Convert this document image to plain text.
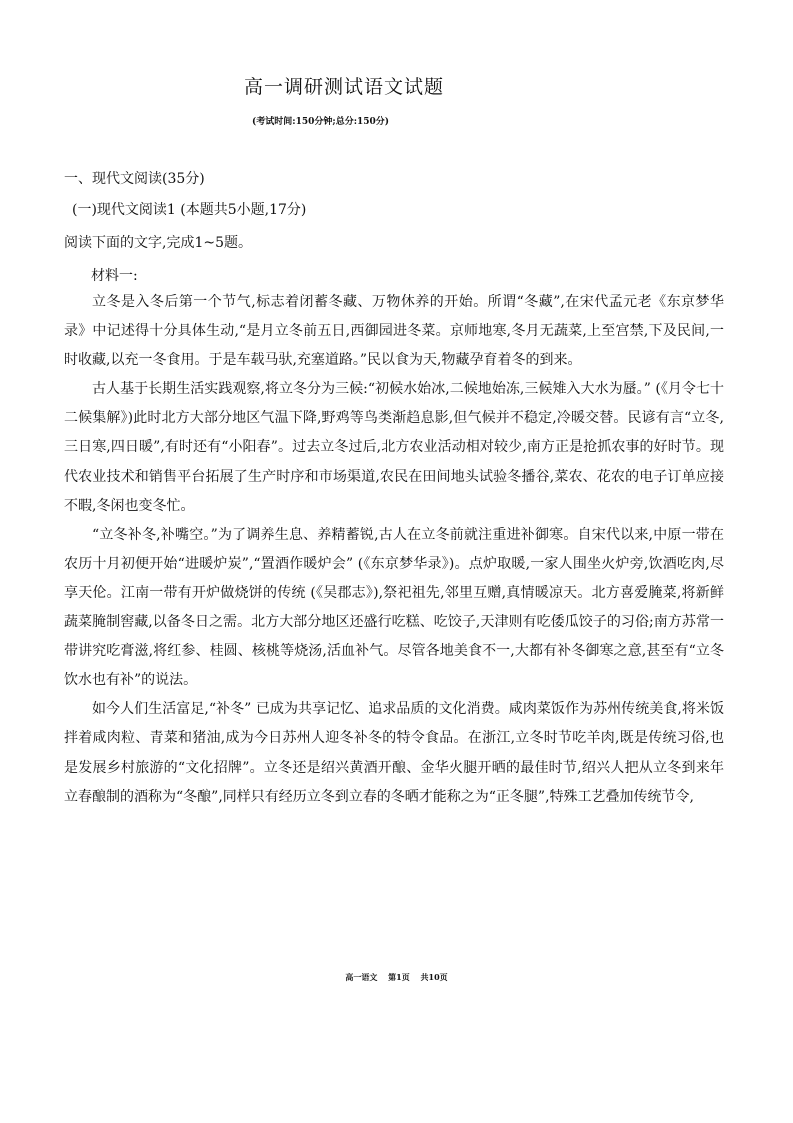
高一调研测试语文试题
(考试时间:150分钟;总分:150分)
一、现代文阅读(35分)
(一)现代文阅读1 (本题共5小题,17分)
阅读下面的文字,完成1~5题。
材料一:

立冬是入冬后第一个节气,标志着闭蓄冬藏、万物休养的开始。所谓“冬藏”,在宋代孟元老《东京梦华录》中记述得十分具体生动,“是月立冬前五日,西御园进冬菜。京师地寒,冬月无蔬菜,上至宫禁,下及民间,一时收藏,以充一冬食用。于是车载马驮,充塞道路。”民以食为天,物藏孕育着冬的到来。

古人基于长期生活实践观察,将立冬分为三候:“初候水始冰,二候地始冻,三候雉入大水为蜃。” (《月令七十二候集解》)此时北方大部分地区气温下降,野鸡等鸟类渐趋息影,但气候并不稳定,冷暖交替。民谚有言“立冬,三日寒,四日暖”,有时还有“小阳春”。过去立冬过后,北方农业活动相对较少,南方正是抢抓农事的好时节。现代农业技术和销售平台拓展了生产时序和市场渠道,农民在田间地头试验冬播谷,菜农、花农的电子订单应接不暇,冬闲也变冬忙。

“立冬补冬,补嘴空。”为了调养生息、养精蓄锐,古人在立冬前就注重进补御寒。自宋代以来,中原一带在农历十月初便开始“进暖炉炭”,“置酒作暖炉会” (《东京梦华录》)。点炉取暖,一家人围坐火炉旁,饮酒吃肉,尽享天伦。江南一带有开炉做烧饼的传统 (《吴郡志》),祭祀祖先,邻里互赠,真情暖凉天。北方喜爱腌菜,将新鲜蔬菜腌制窖藏,以备冬日之需。北方大部分地区还盛行吃糕、吃饺子,天津则有吃倭瓜饺子的习俗;南方苏常一带讲究吃膏滋,将红参、桂圆、核桃等烧汤,活血补气。尽管各地美食不一,大都有补冬御寒之意,甚至有“立冬饮水也有补”的说法。

如今人们生活富足,“补冬” 已成为共享记忆、追求品质的文化消费。咸肉菜饭作为苏州传统美食,将米饭拌着咸肉粒、青菜和猪油,成为今日苏州人迎冬补冬的特令食品。在浙江,立冬时节吃羊肉,既是传统习俗,也是发展乡村旅游的“文化招牌”。立冬还是绍兴黄酒开酿、金华火腿开晒的最佳时节,绍兴人把从立冬到来年立春酿制的酒称为“冬酿”,同样只有经历立冬到立春的冬晒才能称之为“正冬腿”,特殊工艺叠加传统节令,

高一语文 第1页 共10页
